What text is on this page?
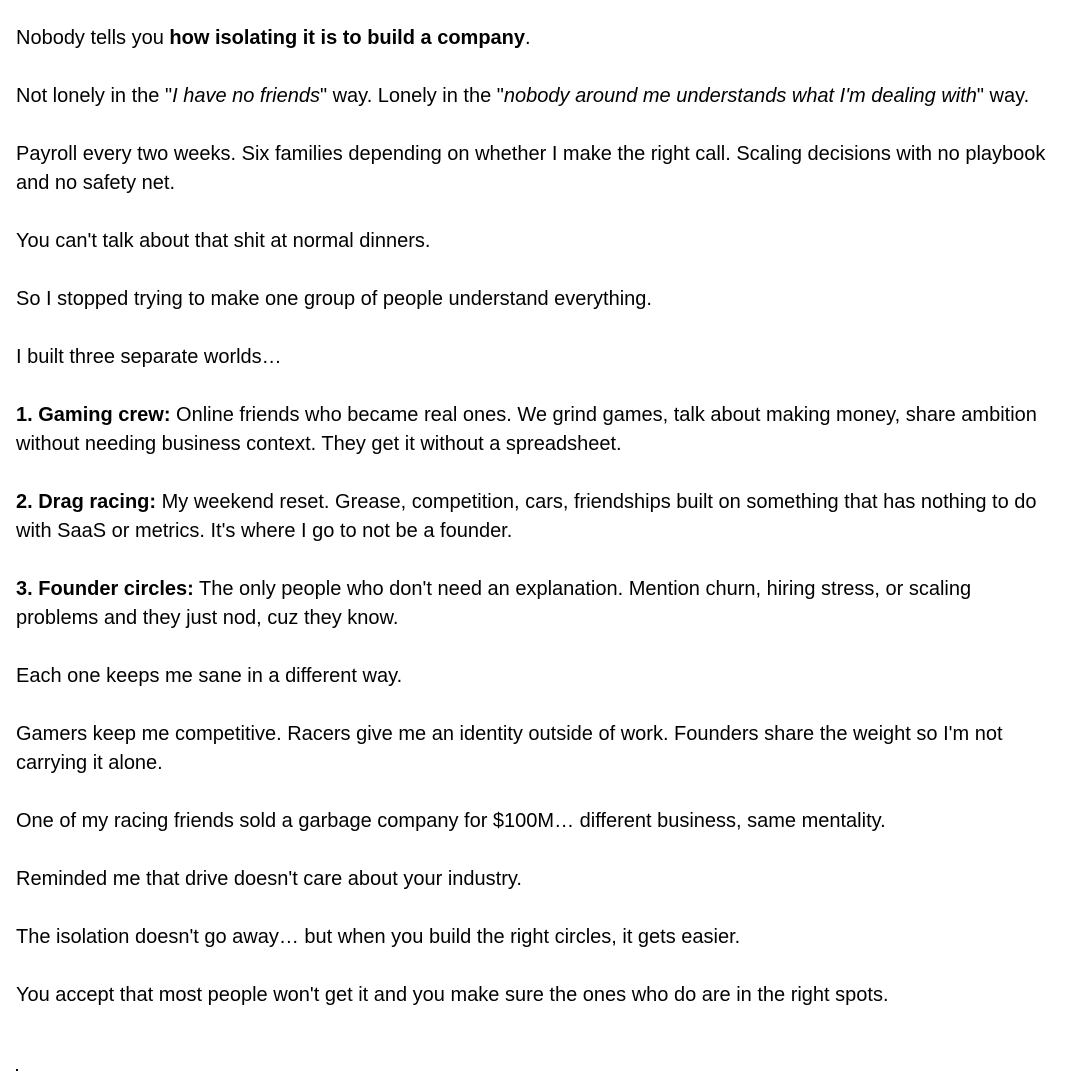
Nobody tells you how isolating it is to build a company.

Not lonely in the "I have no friends" way. Lonely in the "nobody around me understands what I'm dealing with" way.

Payroll every two weeks. Six families depending on whether I make the right call. Scaling decisions with no playbook and no safety net.

You can't talk about that shit at normal dinners.

So I stopped trying to make one group of people understand everything.

I built three separate worlds…

1. Gaming crew: Online friends who became real ones. We grind games, talk about making money, share ambition without needing business context. They get it without a spreadsheet.

2. Drag racing: My weekend reset. Grease, competition, cars, friendships built on something that has nothing to do with SaaS or metrics. It's where I go to not be a founder.

3. Founder circles: The only people who don't need an explanation. Mention churn, hiring stress, or scaling problems and they just nod, cuz they know.

Each one keeps me sane in a different way.

Gamers keep me competitive. Racers give me an identity outside of work. Founders share the weight so I'm not carrying it alone.

One of my racing friends sold a garbage company for $100M… different business, same mentality.

Reminded me that drive doesn't care about your industry.

The isolation doesn't go away… but when you build the right circles, it gets easier.

You accept that most people won't get it and you make sure the ones who do are in the right spots.
